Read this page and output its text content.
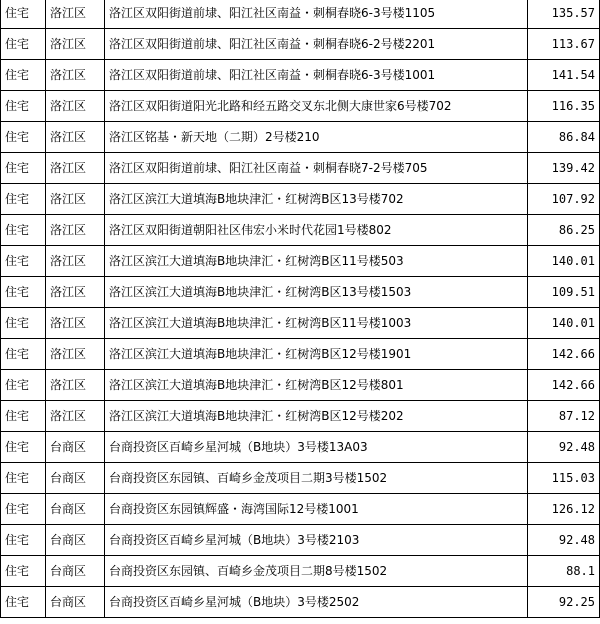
住宅	洛江区	洛江区双阳街道前埭、阳江社区南益・刺桐春晓6-3号楼1105	135.57
住宅	洛江区	洛江区双阳街道前埭、阳江社区南益・刺桐春晓6-2号楼2201	113.67
住宅	洛江区	洛江区双阳街道前埭、阳江社区南益・刺桐春晓6-3号楼1001	141.54
住宅	洛江区	洛江区双阳街道阳光北路和经五路交叉东北侧大康世家6号楼702	116.35
住宅	洛江区	洛江区铭基・新天地（二期）2号楼210	86.84
住宅	洛江区	洛江区双阳街道前埭、阳江社区南益・刺桐春晓7-2号楼705	139.42
住宅	洛江区	洛江区滨江大道填海B地块津汇・红树湾B区13号楼702	107.92
住宅	洛江区	洛江区双阳街道朝阳社区伟宏小米时代花园1号楼802	86.25
住宅	洛江区	洛江区滨江大道填海B地块津汇・红树湾B区11号楼503	140.01
住宅	洛江区	洛江区滨江大道填海B地块津汇・红树湾B区13号楼1503	109.51
住宅	洛江区	洛江区滨江大道填海B地块津汇・红树湾B区11号楼1003	140.01
住宅	洛江区	洛江区滨江大道填海B地块津汇・红树湾B区12号楼1901	142.66
住宅	洛江区	洛江区滨江大道填海B地块津汇・红树湾B区12号楼801	142.66
住宅	洛江区	洛江区滨江大道填海B地块津汇・红树湾B区12号楼202	87.12
住宅	台商区	台商投资区百崎乡星河城（B地块）3号楼13A03	92.48
住宅	台商区	台商投资区东园镇、百崎乡金茂项目二期3号楼1502	115.03
住宅	台商区	台商投资区东园镇辉盛・海湾国际12号楼1001	126.12
住宅	台商区	台商投资区百崎乡星河城（B地块）3号楼2103	92.48
住宅	台商区	台商投资区东园镇、百崎乡金茂项目二期8号楼1502	88.1
住宅	台商区	台商投资区百崎乡星河城（B地块）3号楼2502	92.25
